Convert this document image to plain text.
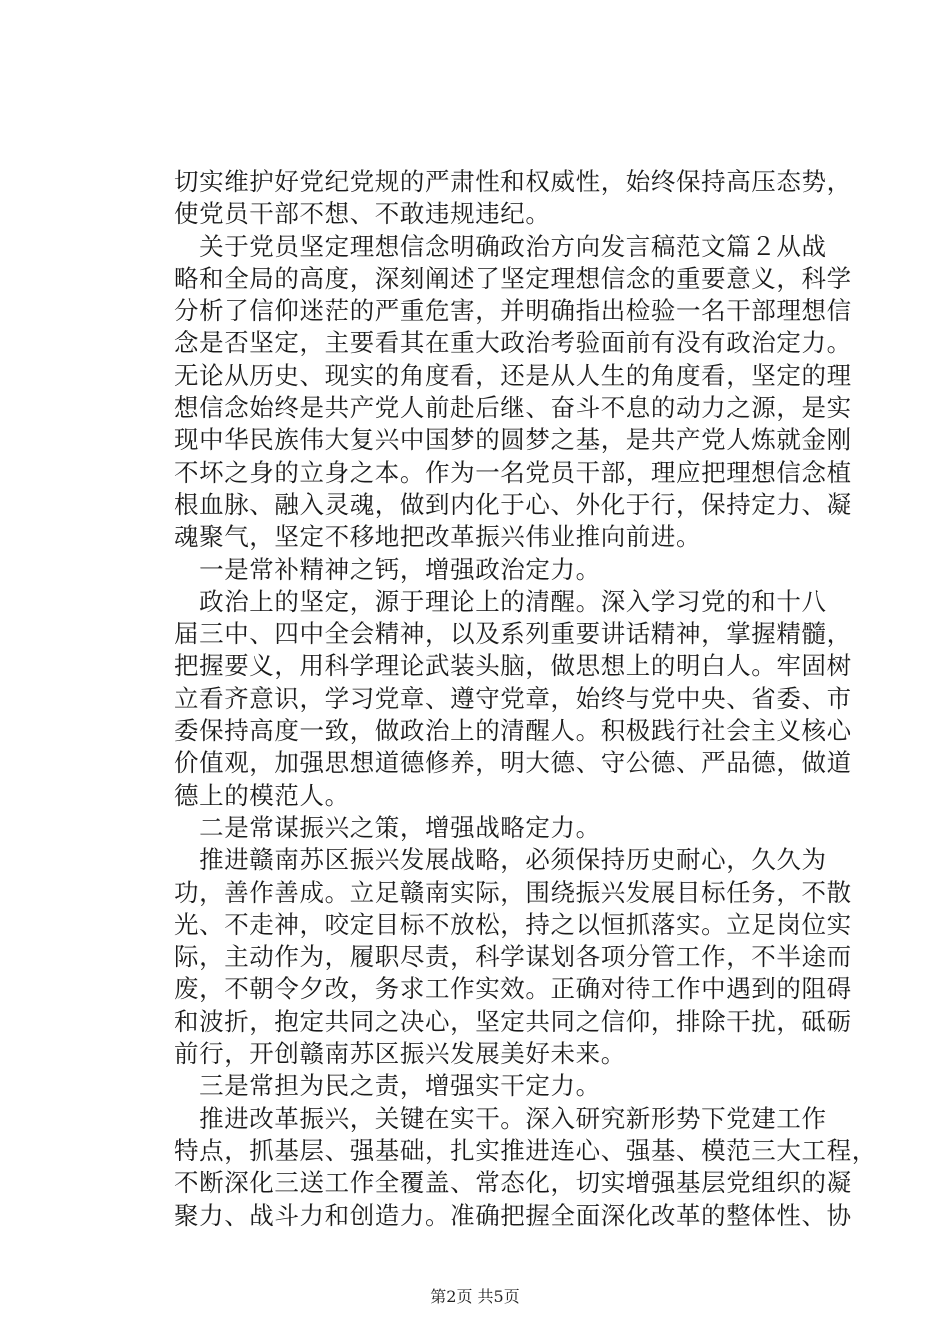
切实维护好党纪党规的严肃性和权威性，始终保持高压态势，
使党员干部不想、不敢违规违纪。

　关于党员坚定理想信念明确政治方向发言稿范文篇２从战
略和全局的高度，深刻阐述了坚定理想信念的重要意义，科学
分析了信仰迷茫的严重危害，并明确指出检验一名干部理想信
念是否坚定，主要看其在重大政治考验面前有没有政治定力。
无论从历史、现实的角度看，还是从人生的角度看，坚定的理
想信念始终是共产党人前赴后继、奋斗不息的动力之源，是实
现中华民族伟大复兴中国梦的圆梦之基，是共产党人炼就金刚
不坏之身的立身之本。作为一名党员干部，理应把理想信念植
根血脉、融入灵魂，做到内化于心、外化于行，保持定力、凝
魂聚气，坚定不移地把改革振兴伟业推向前进。

　一是常补精神之钙，增强政治定力。

　政治上的坚定，源于理论上的清醒。深入学习党的和十八
届三中、四中全会精神，以及系列重要讲话精神，掌握精髓，
把握要义，用科学理论武装头脑，做思想上的明白人。牢固树
立看齐意识，学习党章、遵守党章，始终与党中央、省委、市
委保持高度一致，做政治上的清醒人。积极践行社会主义核心
价值观，加强思想道德修养，明大德、守公德、严品德，做道
德上的模范人。

　二是常谋振兴之策，增强战略定力。

　推进赣南苏区振兴发展战略，必须保持历史耐心，久久为
功，善作善成。立足赣南实际，围绕振兴发展目标任务，不散
光、不走神，咬定目标不放松，持之以恒抓落实。立足岗位实
际，主动作为，履职尽责，科学谋划各项分管工作，不半途而
废，不朝令夕改，务求工作实效。正确对待工作中遇到的阻碍
和波折，抱定共同之决心，坚定共同之信仰，排除干扰，砥砺
前行，开创赣南苏区振兴发展美好未来。

　三是常担为民之责，增强实干定力。

　推进改革振兴，关键在实干。深入研究新形势下党建工作
特点，抓基层、强基础，扎实推进连心、强基、模范三大工程，
不断深化三送工作全覆盖、常态化，切实增强基层党组织的凝
聚力、战斗力和创造力。准确把握全面深化改革的整体性、协

第2页 共5页
